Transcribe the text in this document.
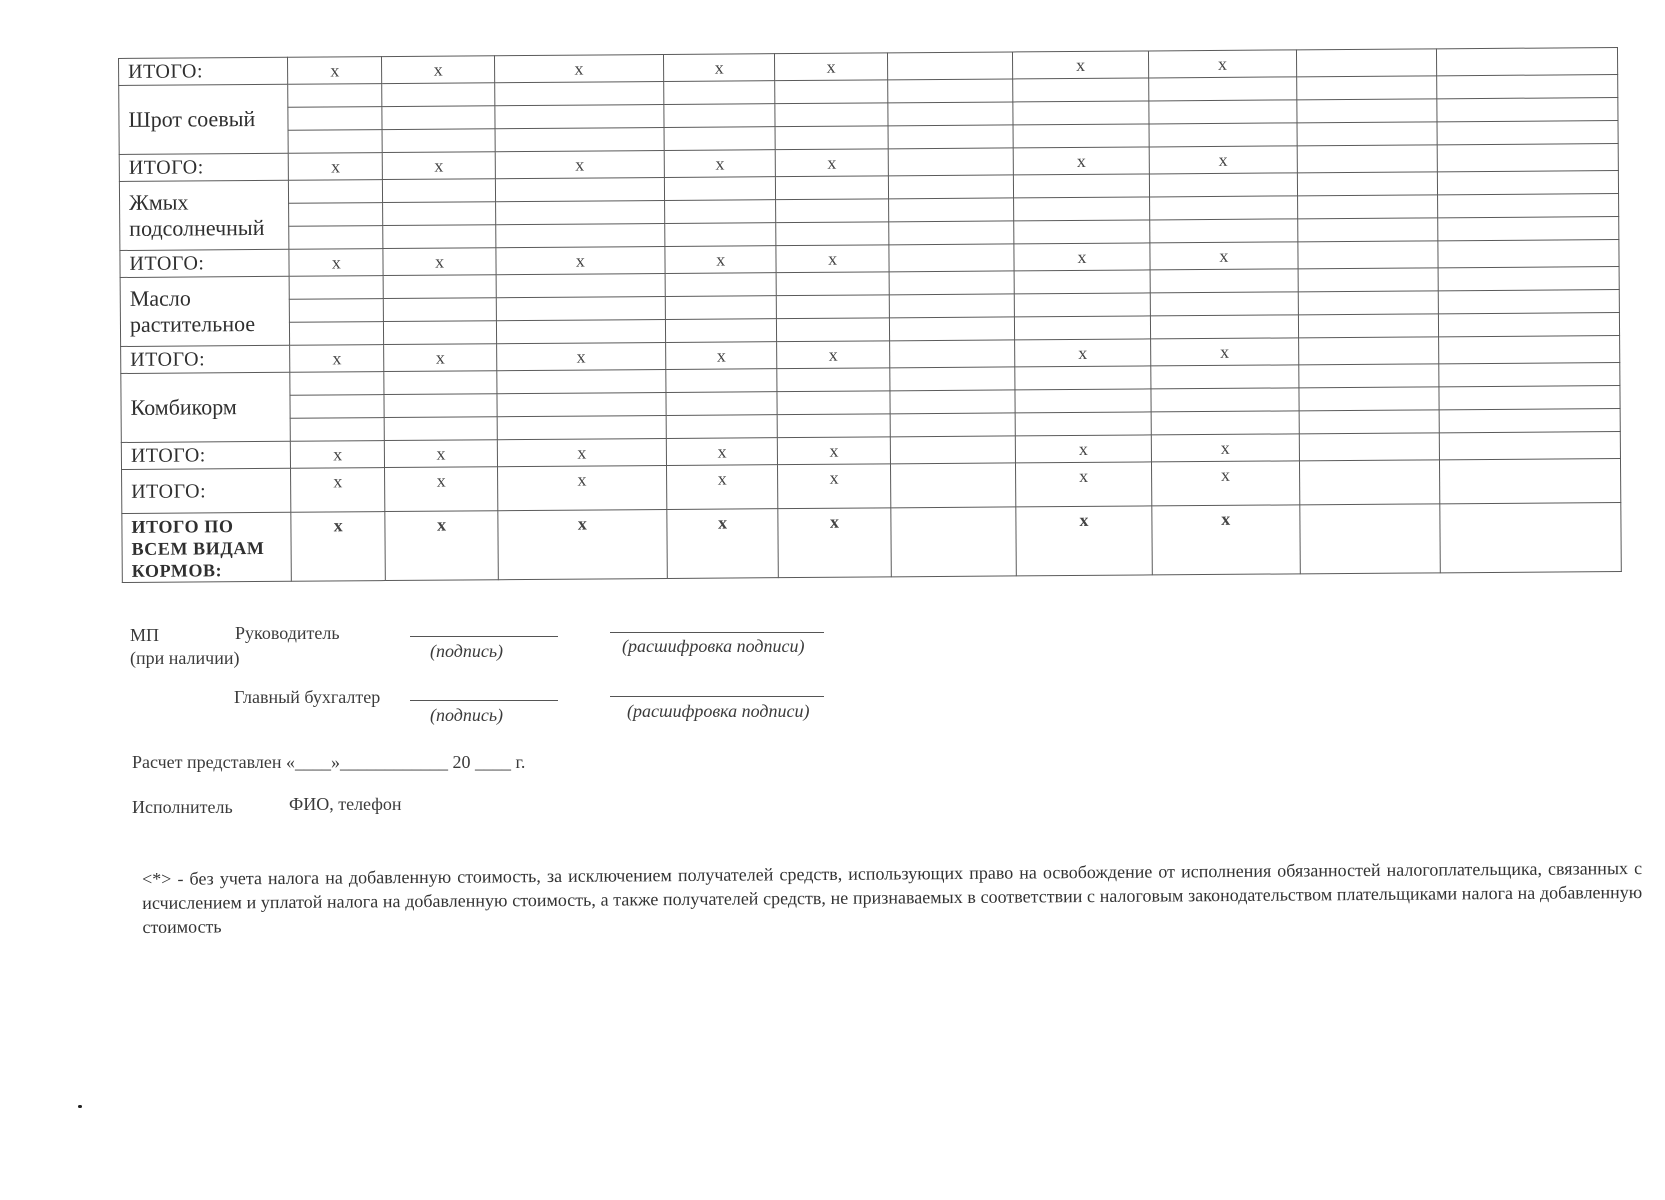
ИТОГО:	x	x	x	x	x		x	x		
Шрот соевый										

ИТОГО:	x	x	x	x	x		x	x		
Жмых подсолнечный										

ИТОГО:	x	x	x	x	x		x	x		
Масло растительное										

ИТОГО:	x	x	x	x	x		x	x		
Комбикорм										

ИТОГО:	x	x	x	x	x		x	x		
ИТОГО:	x	x	x	x	x		x	x		
ИТОГО ПО ВСЕМ ВИДАМ КОРМОВ:	x	x	x	x	x		x	x		
МП
(при наличии)
Руководитель
(подпись)	(расшифровка подписи)
Главный бухгалтер
(подпись)	(расшифровка подписи)
Расчет представлен «____»____________ 20 ____ г.
Исполнитель	ФИО, телефон
<*> - без учета налога на добавленную стоимость, за исключением получателей средств, использующих право на освобождение от исполнения обязанностей налогоплательщика, связанных с исчислением и уплатой налога на добавленную стоимость, а также получателей средств, не признаваемых в соответствии с налоговым законодательством плательщиками налога на добавленную стоимость
